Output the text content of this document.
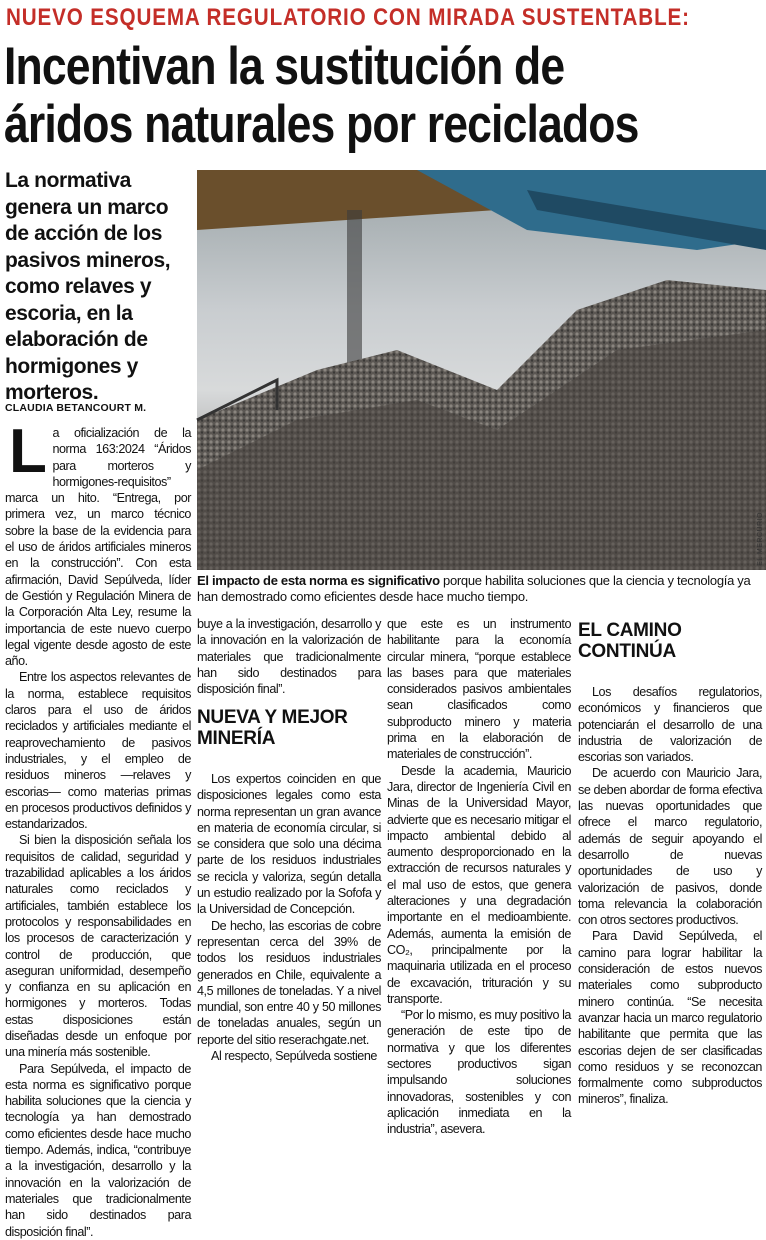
NUEVO ESQUEMA REGULATORIO CON MIRADA SUSTENTABLE:
Incentivan la sustitución de
áridos naturales por reciclados
La normativa genera un marco de acción de los pasivos mineros, como relaves y escoria, en la elaboración de hormigones y morteros.
CLAUDIA BETANCOURT M.
EL MERCURIO
El impacto de esta norma es significativo porque habilita soluciones que la ciencia y tecnología ya han demostrado como eficientes desde hace mucho tiempo.

La oficialización de la norma 163:2024 “Áridos para morteros y hormigones-requisitos” marca un hito. “Entrega, por primera vez, un marco técnico sobre la base de la evidencia para el uso de áridos artificiales mineros en la construcción”. Con esta afirmación, David Sepúlveda, líder de Gestión y Regulación Minera de la Corporación Alta Ley, resume la importancia de este nuevo cuerpo legal vigente desde agosto de este año.

Entre los aspectos relevantes de la norma, establece requisitos claros para el uso de áridos reciclados y artificiales mediante el reaprovechamiento de pasivos industriales, y el empleo de residuos mineros —relaves y escorias— como materias primas en procesos productivos definidos y estandarizados.

Si bien la disposición señala los requisitos de calidad, seguridad y trazabilidad aplicables a los áridos naturales como reciclados y artificiales, también establece los protocolos y responsabilidades en los procesos de caracterización y control de producción, que aseguran uniformidad, desempeño y confianza en su aplicación en hormigones y morteros. Todas estas disposiciones están diseñadas desde un enfoque por una minería más sostenible.

Para Sepúlveda, el impacto de esta norma es significativo porque habilita soluciones que la ciencia y tecnología ya han demostrado como eficientes desde hace mucho tiempo. Además, indica, “contribuye a la investigación, desarrollo y la innovación en la valorización de materiales que tradicionalmente han sido destinados para disposición final”.

buye a la investigación, desarrollo y la innovación en la valorización de materiales que tradicionalmente han sido destinados para disposición final”.
NUEVA Y MEJOR MINERÍA

Los expertos coinciden en que disposiciones legales como esta norma representan un gran avance en materia de economía circular, si se considera que solo una décima parte de los residuos industriales se recicla y valoriza, según detalla un estudio realizado por la Sofofa y la Universidad de Concepción.

De hecho, las escorias de cobre representan cerca del 39% de todos los residuos industriales generados en Chile, equivalente a 4,5 millones de toneladas. Y a nivel mundial, son entre 40 y 50 millones de toneladas anuales, según un reporte del sitio reserachgate.net.

Al respecto, Sepúlveda sostiene

que este es un instrumento habilitante para la economía circular minera, “porque establece las bases para que materiales considerados pasivos ambientales sean clasificados como subproducto minero y materia prima en la elaboración de materiales de construcción”.

Desde la academia, Mauricio Jara, director de Ingeniería Civil en Minas de la Universidad Mayor, advierte que es necesario mitigar el impacto ambiental debido al aumento desproporcionado en la extracción de recursos naturales y el mal uso de estos, que genera alteraciones y una degradación importante en el medioambiente. Además, aumenta la emisión de CO₂, principalmente por la maquinaria utilizada en el proceso de excavación, trituración y su transporte.

“Por lo mismo, es muy positivo la generación de este tipo de normativa y que los diferentes sectores productivos sigan impulsando soluciones innovadoras, sostenibles y con aplicación inmediata en la industria”, asevera.

EL CAMINO CONTINÚA

Los desafíos regulatorios, económicos y financieros que potenciarán el desarrollo de una industria de valorización de escorias son variados.

De acuerdo con Mauricio Jara, se deben abordar de forma efectiva las nuevas oportunidades que ofrece el marco regulatorio, además de seguir apoyando el desarrollo de nuevas oportunidades de uso y valorización de pasivos, donde toma relevancia la colaboración con otros sectores productivos.

Para David Sepúlveda, el camino para lograr habilitar la consideración de estos nuevos materiales como subproducto minero continúa. “Se necesita avanzar hacia un marco regulatorio habilitante que permita que las escorias dejen de ser clasificadas como residuos y se reconozcan formalmente como subproductos mineros”, finaliza.
